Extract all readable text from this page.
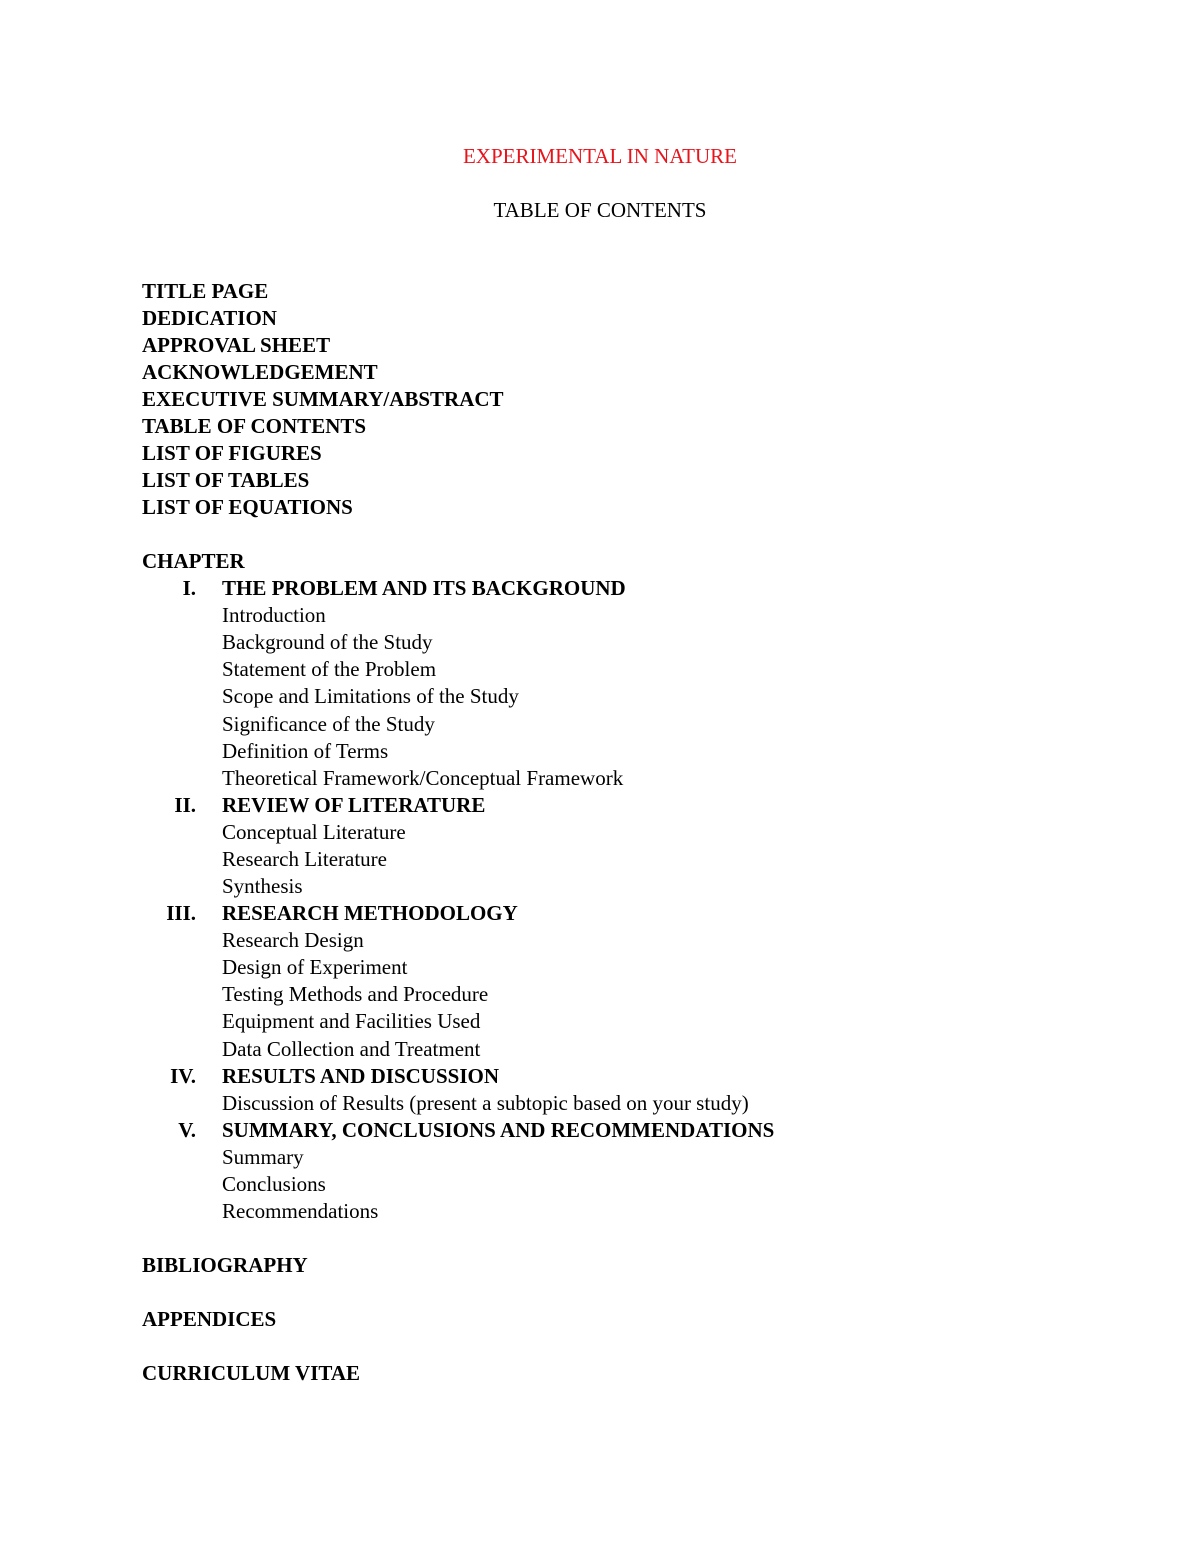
EXPERIMENTAL IN NATURE
TABLE OF CONTENTS
TITLE PAGE
DEDICATION
APPROVAL SHEET
ACKNOWLEDGEMENT
EXECUTIVE SUMMARY/ABSTRACT
TABLE OF CONTENTS
LIST OF FIGURES
LIST OF TABLES
LIST OF EQUATIONS
CHAPTER
I. THE PROBLEM AND ITS BACKGROUND
Introduction
Background of the Study
Statement of the Problem
Scope and Limitations of the Study
Significance of the Study
Definition of Terms
Theoretical Framework/Conceptual Framework
II. REVIEW OF LITERATURE
Conceptual Literature
Research Literature
Synthesis
III. RESEARCH METHODOLOGY
Research Design
Design of Experiment
Testing Methods and Procedure
Equipment and Facilities Used
Data Collection and Treatment
IV. RESULTS AND DISCUSSION
Discussion of Results (present a subtopic based on your study)
V. SUMMARY, CONCLUSIONS AND RECOMMENDATIONS
Summary
Conclusions
Recommendations
BIBLIOGRAPHY
APPENDICES
CURRICULUM VITAE
